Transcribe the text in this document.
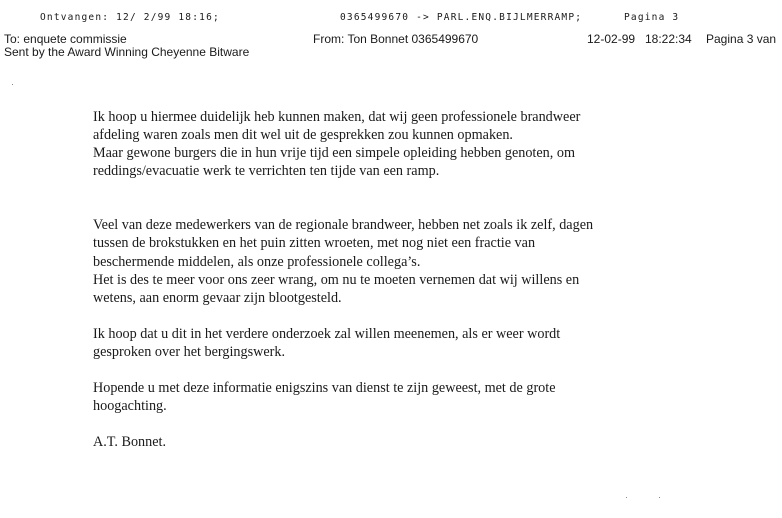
Ontvangen: 12/ 2/99 18:16;	0365499670 -> PARL.ENQ.BIJLMERRAMP;	Pagina 3
To: enquete commissie
Sent by the Award Winning Cheyenne Bitware
From: Ton Bonnet 0365499670	12-02-99 18:22:34 Pagina 3 van

Ik hoop u hiermee duidelijk heb kunnen maken, dat wij geen professionele brandweer
afdeling waren zoals men dit wel uit de gesprekken zou kunnen opmaken.
Maar gewone burgers die in hun vrije tijd een simpele opleiding hebben genoten, om
reddings/evacuatie werk te verrichten ten tijde van een ramp.

Veel van deze medewerkers van de regionale brandweer, hebben net zoals ik zelf, dagen
tussen de brokstukken en het puin zitten wroeten, met nog niet een fractie van
beschermende middelen, als onze professionele collega’s.
Het is des te meer voor ons zeer wrang, om nu te moeten vernemen dat wij willens en
wetens, aan enorm gevaar zijn blootgesteld.

Ik hoop dat u dit in het verdere onderzoek zal willen meenemen, als er weer wordt
gesproken over het bergingswerk.

Hopende u met deze informatie enigszins van dienst te zijn geweest, met de grote
hoogachting.

A.T. Bonnet.
